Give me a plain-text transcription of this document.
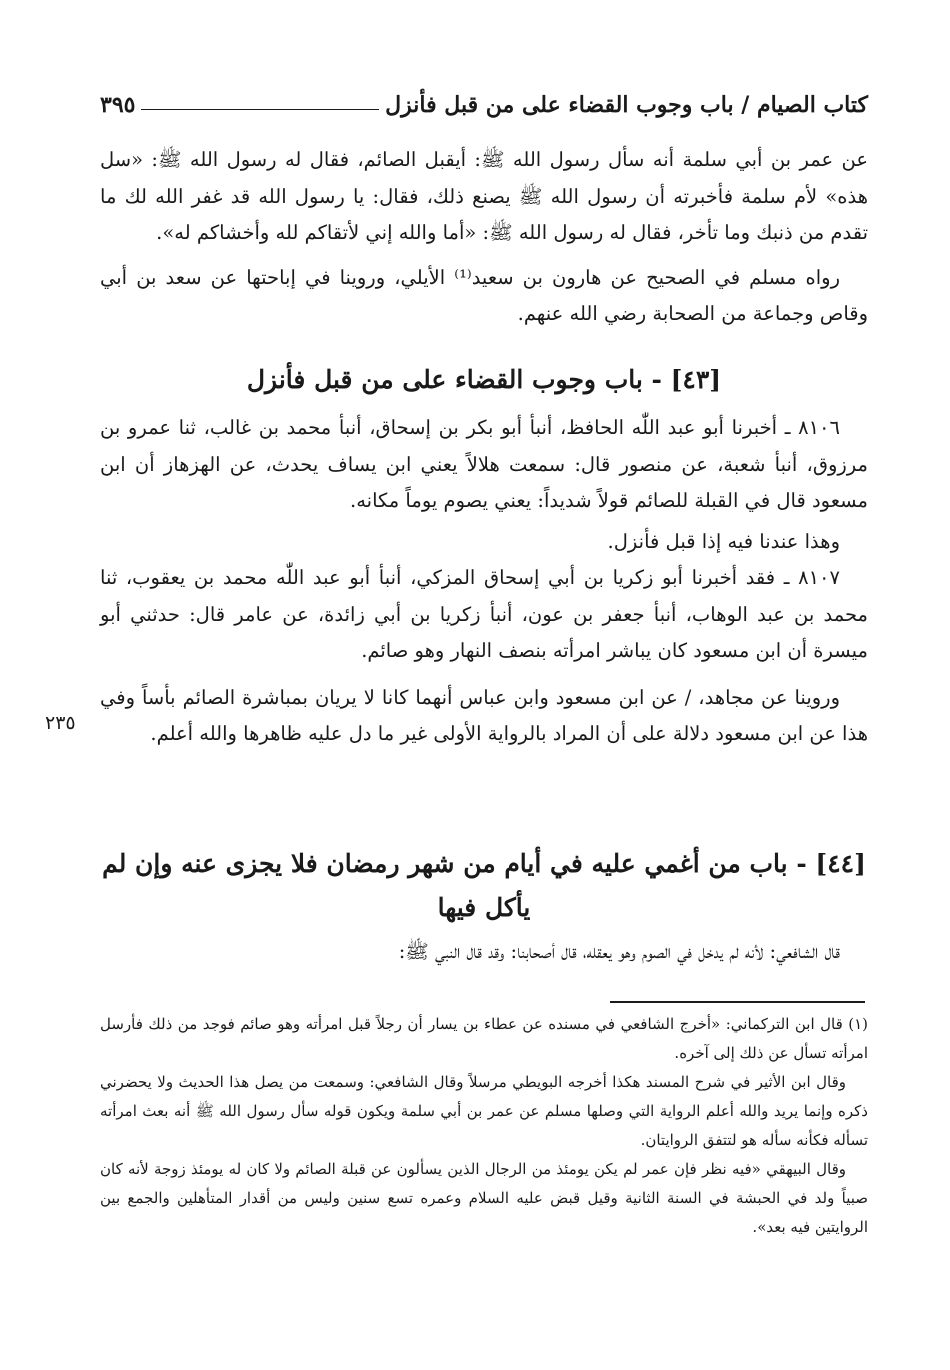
كتاب الصيام / باب وجوب القضاء على من قبل فأنزل
٣٩٥

عن عمر بن أبي سلمة أنه سأل رسول الله ﷺ: أيقبل الصائم، فقال له رسول الله ﷺ: «سل هذه» لأم سلمة فأخبرته أن رسول الله ﷺ يصنع ذلك، فقال: يا رسول الله قد غفر الله لك ما تقدم من ذنبك وما تأخر، فقال له رسول الله ﷺ: «أما والله إني لأتقاكم لله وأخشاكم له».

رواه مسلم في الصحيح عن هارون بن سعيد⁽¹⁾ الأيلي، وروينا في إباحتها عن سعد بن أبي وقاص وجماعة من الصحابة رضي الله عنهم.

[٤٣] - باب وجوب القضاء على من قبل فأنزل

٨١٠٦ ـ أخبرنا أبو عبد اللّٰه الحافظ، أنبأ أبو بكر بن إسحاق، أنبأ محمد بن غالب، ثنا عمرو بن مرزوق، أنبأ شعبة، عن منصور قال: سمعت هلالاً يعني ابن يساف يحدث، عن الهزهاز أن ابن مسعود قال في القبلة للصائم قولاً شديداً: يعني يصوم يوماً مكانه.

وهذا عندنا فيه إذا قبل فأنزل.

٨١٠٧ ـ فقد أخبرنا أبو زكريا بن أبي إسحاق المزكي، أنبأ أبو عبد اللّٰه محمد بن يعقوب، ثنا محمد بن عبد الوهاب، أنبأ جعفر بن عون، أنبأ زكريا بن أبي زائدة، عن عامر قال: حدثني أبو ميسرة أن ابن مسعود كان يباشر امرأته بنصف النهار وهو صائم.

وروينا عن مجاهد، / عن ابن مسعود وابن عباس أنهما كانا لا يريان بمباشرة الصائم بأساً وفي هذا عن ابن مسعود دلالة على أن المراد بالرواية الأولى غير ما دل عليه ظاهرها والله أعلم.

٢٣٥
[٤٤] - باب من أغمي عليه في أيام من شهر رمضان فلا يجزى عنه وإن لم يأكل فيها

قال الشافعي: لأنه لم يدخل في الصوم وهو يعقله، قال أصحابنا: وقد قال النبي ﷺ:

(١) قال ابن التركماني: «أخرج الشافعي في مسنده عن عطاء بن يسار أن رجلاً قبل امرأته وهو صائم فوجد من ذلك فأرسل امرأته تسأل عن ذلك إلى آخره.

وقال ابن الأثير في شرح المسند هكذا أخرجه البويطي مرسلاً وقال الشافعي: وسمعت من يصل هذا الحديث ولا يحضرني ذكره وإنما يريد والله أعلم الرواية التي وصلها مسلم عن عمر بن أبي سلمة ويكون قوله سأل رسول الله ﷺ أنه بعث امرأته تسأله فكأنه سأله هو لتتفق الروايتان.

وقال البيهقي «فيه نظر فإن عمر لم يكن يومئذ من الرجال الذين يسألون عن قبلة الصائم ولا كان له يومئذ زوجة لأنه كان صبياً ولد في الحبشة في السنة الثانية وقيل قبض عليه السلام وعمره تسع سنين وليس من أقدار المتأهلين والجمع بين الروايتين فيه بعد».
